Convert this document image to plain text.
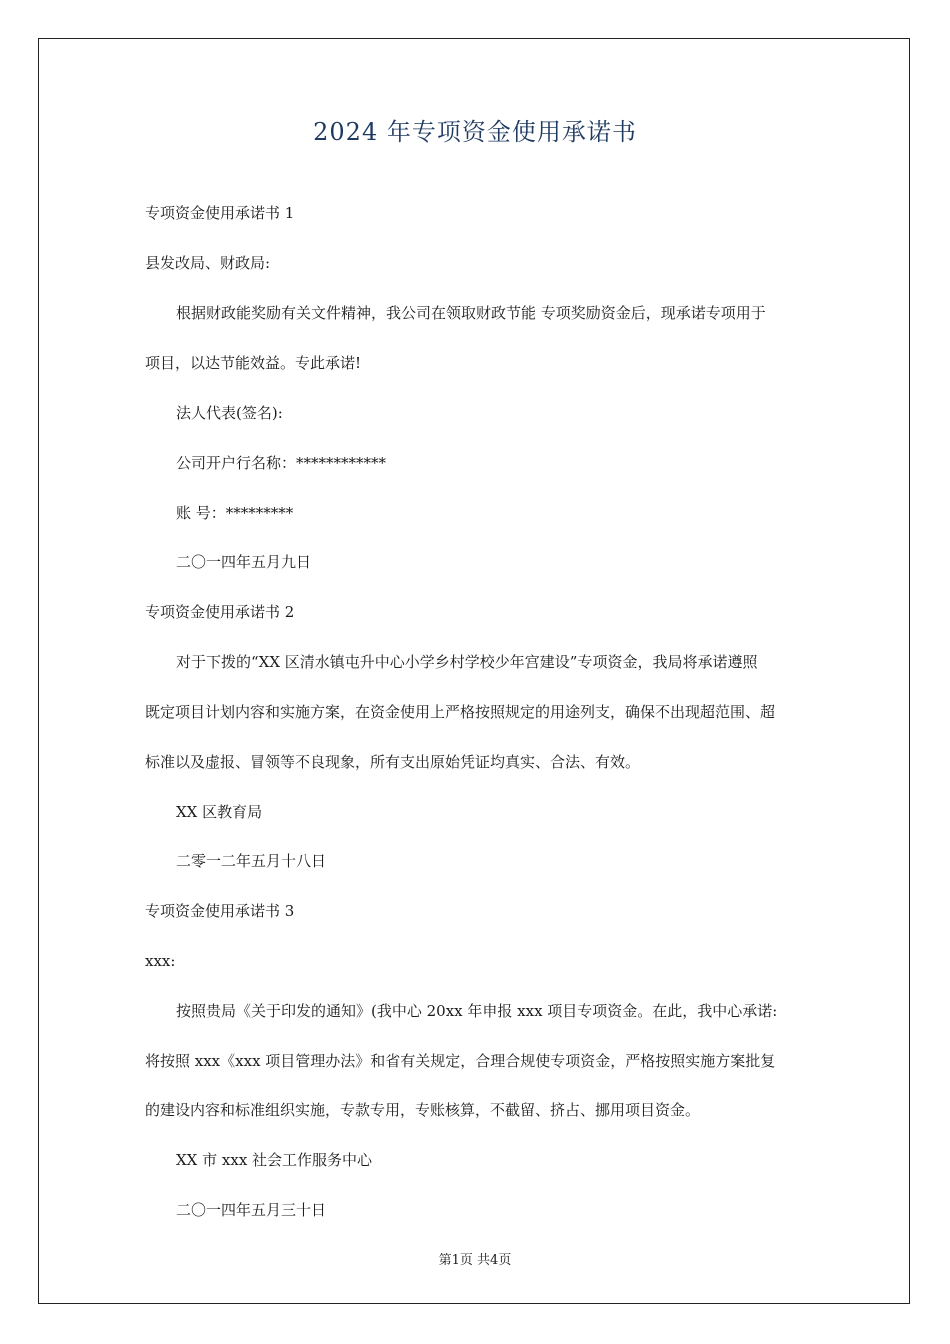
2024 年专项资金使用承诺书
专项资金使用承诺书 1
县发改局、财政局:
根据财政能奖励有关文件精神，我公司在领取财政节能 专项奖励资金后，现承诺专项用于
项目，以达节能效益。专此承诺!
法人代表(签名):
公司开户行名称：************
账 号：*********
二〇一四年五月九日
专项资金使用承诺书 2
对于下拨的“XX 区清水镇屯升中心小学乡村学校少年宫建设”专项资金，我局将承诺遵照
既定项目计划内容和实施方案，在资金使用上严格按照规定的用途列支，确保不出现超范围、超
标准以及虚报、冒领等不良现象，所有支出原始凭证均真实、合法、有效。
XX 区教育局
二零一二年五月十八日
专项资金使用承诺书 3
xxx:
按照贵局《关于印发的通知》(我中心 20xx 年申报 xxx 项目专项资金。在此，我中心承诺:
将按照 xxx《xxx 项目管理办法》和省有关规定，合理合规使专项资金，严格按照实施方案批复
的建设内容和标准组织实施，专款专用，专账核算，不截留、挤占、挪用项目资金。
XX 市 xxx 社会工作服务中心
二〇一四年五月三十日
第1页 共4页
